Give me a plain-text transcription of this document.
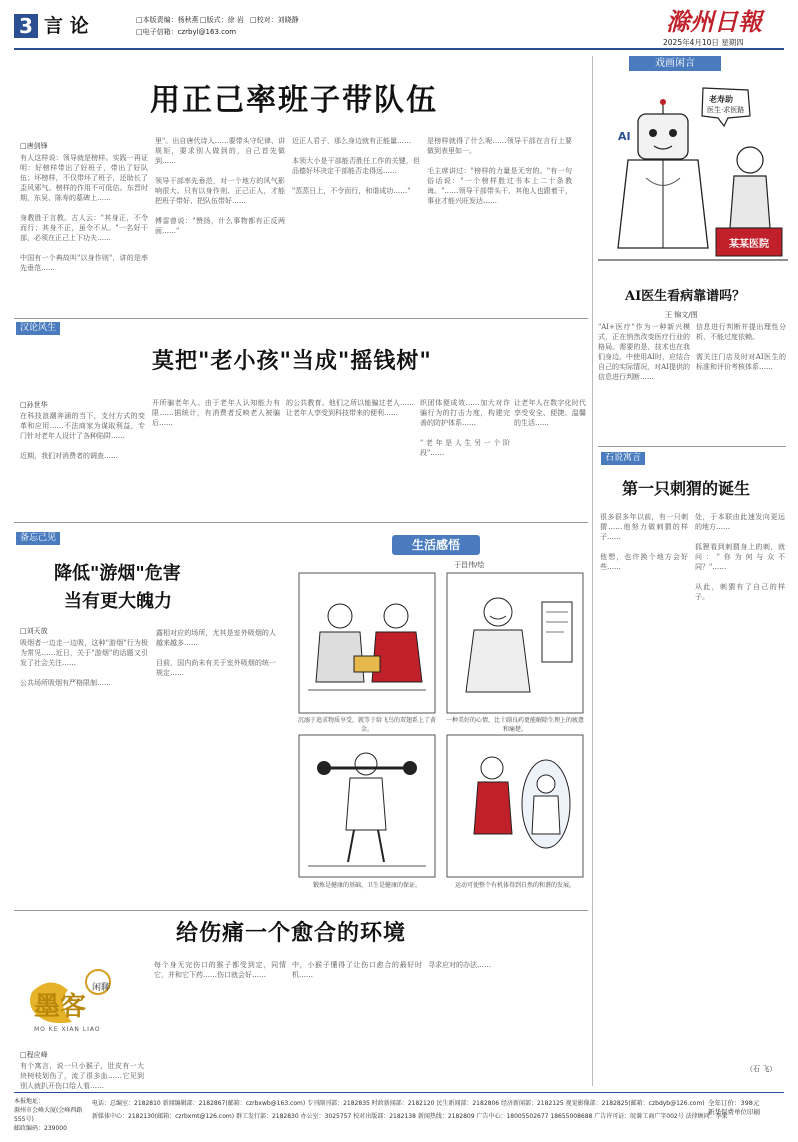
3 言 论	□本版责编：杨秋燕 □版式：徐 岩 □校对：刘晓静
□电子信箱：czrbyl@163.com	滁州日報
2025年4月10日 星期四
用正己率班子带队伍
□唐剑锋
有人这样说：领导就是榜样。实践一再证明：好榜样带出了好班子，带出了好队伍；坏榜样，不仅带坏了班子，还助长了歪风邪气。榜样的作用不可低估。东晋时期，东吴、陈寿的墓碑上……

身教胜于言教。古人云："其身正，不令而行；其身不正，虽令不从。"一名好干部，必须在正己上下功夫……

中国有一个典故叫"以身作则"，讲的是率先垂范……
里"。出自唐代诗人……要带头守纪律、讲规矩，要求别人做到的，自己首先做到……

领导干部率先垂范，对一个地方的风气影响很大。只有以身作则、正己正人，才能把班子带好、把队伍带好……

傅雷曾说："赞扬，什么事物都有正反两面……"
近正人君子，那么身边就有正能量……

本领大小是干部能否胜任工作的关键，但品德好坏决定干部能否走得远……

"蒸蒸日上，不令而行，和谐成功……"
是榜样就得了什么呢……领导干部在言行上要做到表里如一。

毛主席讲过："榜样的力量是无穷的。"有一句俗话说："一个榜样胜过书本上二十条教诲。"……领导干部带头干，其他人也跟着干，事业才能兴旺发达……
戏画闲言
老寿助
医生·求医路
AI
某某医院
AI医生看病靠谱吗？
王 锦文/图
"AI+医疗"作为一种新兴模式，正在悄然改变医疗行业的格局。需要的是，技术也在我们身边。中使用AI时，应结合自己的实际情况，对AI提供的信息进行判断……
信息进行判断并提出理性分析，不能过度依赖。

需关注门店及时对AI医生的标准和评价考核体系……
汉论风生
莫把"老小孩"当成"摇钱树"
□孙世华
在科技浪潮奔涌的当下，支付方式的变革和应用……不法商家为谋取利益，专门针对老年人设计了各种陷阱……

近期，我们对消费者的调查……
开所骗老年人。由于老年人认知能力有限……据统计，有消费者反映老人被骗后……
的公共教育。他们之所以能骗过老人……让老年人享受到科技带来的便利……
织团体便成效……加大对诈骗行为的打击力度，构建完善的防护体系……

"老年是人生另一个阶段"……
让老年人在数字化时代享受安全、便捷、温馨的生活……
备忘己见
降低"游烟"危害
当有更大魄力
□刘天放
吸烟者一边走一边吸，这种"游烟"行为极为常见……近日，关于"游烟"的话题又引发了社会关注……

公共场所吸烟有严格限制……
露相对应的场所，尤其是室外吸烟的人越来越多……

目前，国内尚未有关于室外吸烟的统一规定……
生活感悟
于昌伟/绘
沉溺于追求物质享受，就等于给飞鸟的双翅系上了黄金。
一种美好的心情，比十副良药更能解除生理上的疲惫和痛楚。
锻炼是健康的基础，卫生是健康的保证。	运动可使整个有机体得到自然的和谐的发展。
石说寓言
第一只刺猬的诞生
很多很多年以前，有一只刺猬……他努力做刺猬的样子……

他想，也许换个地方会好些……
处，于本联由此速发向更远的地方……

狐狸看到刺猬身上的刺，就问："你为何与众不同？"……

从此，刺猬有了自己的样子。
（石 飞）
给伤痛一个愈合的环境
墨客
闲聊
MO KE XIAN LIAO
□程应峰
有个寓言，说一只小猴子，肚皮有一大块树枝划伤了，流了很多血……它见到别人就扒开伤口给人看……
每个身无完伤口的猴子都受到定，同情它，并和它下药……伤口就会好……
中，小猴子懂得了让伤口愈合的最好时机……
寻求应对的办法……
本报地址：
滁州市会峰大厦(会峰西路555号)
邮政编码：239000
电话：总编室：2182810 新闻编辑部：2182867(邮箱：czrbxwb@163.com) 专刊副刊部：2182835 时政新闻部：2182120 民生新闻部：2182806 经济新闻部：2182125 视觉影像部：2182825(邮箱：czbdyb@126.com)
新媒体中心：2182130(邮箱：czrbxmt@126.com) 群工发行部：2182830 办公室：3025757 校对出版部：2182138 新闻热线：2182809 广告中心：18005502677 18655008688 广告许可证：皖滁工商广字002号 法律顾问：李家
全年订价：398元
新华保费单位印刷
